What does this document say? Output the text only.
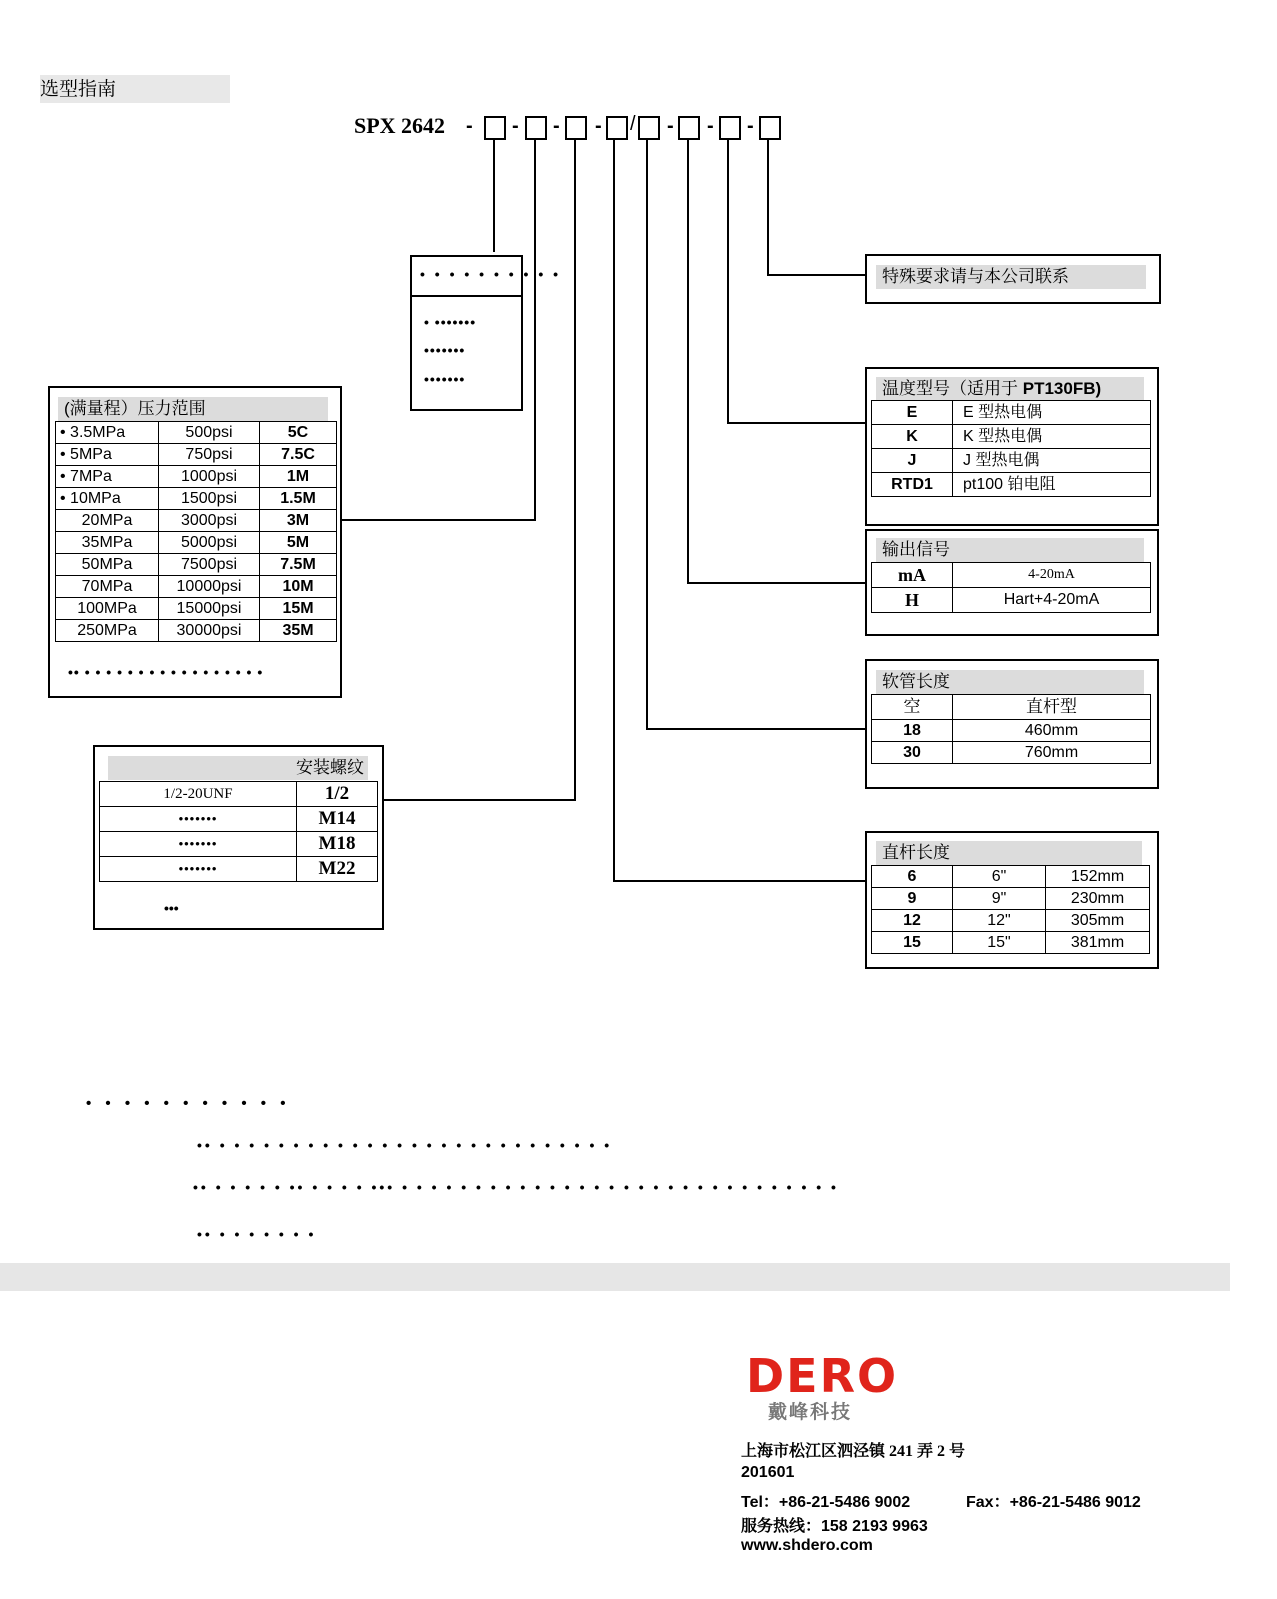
选型指南
SPX 2642 - - - - / - - -
• • • • • • • • • •
• •••••••
•••••••
•••••••
(满量程）压力范围
• 3.5MPa	500psi	5C
• 5MPa	750psi	7.5C
• 7MPa	1000psi	1M
• 10MPa	1500psi	1.5M
20MPa	3000psi	3M
35MPa	5000psi	5M
50MPa	7500psi	7.5M
70MPa	10000psi	10M
100MPa	15000psi	15M
250MPa	30000psi	35M
•• • • • • • • • • • • • • • • • • •
安装螺纹
1/2-20UNF	1/2
•••••••	M14
•••••••	M18
•••••••	M22
•••
特殊要求请与本公司联系
温度型号（适用于 PT130FB)
E	E 型热电偶
K	K 型热电偶
J	J 型热电偶
RTD1	pt100 铂电阻
输出信号
mA	4-20mA
H	Hart+4-20mA
软管长度
空	直杆型
18	460mm
30	760mm
直杆长度
6	6"	152mm
9	9"	230mm
12	12"	305mm
15	15"	381mm
• • • • • • • • • • •
•• • • • • • • • • • • • • • • • • • • • • • • • • • • •
•• • • • • • •• • • • • ••• • • • • • • • • • • • • • • • • • • • • • • • • • • • • • •
•• • • • • • • •
DERO
戴峰科技
上海市松江区泗泾镇 241 弄 2 号
201601
Tel：+86-21-5486 9002	Fax：+86-21-5486 9012
服务热线：158 2193 9963
www.shdero.com
